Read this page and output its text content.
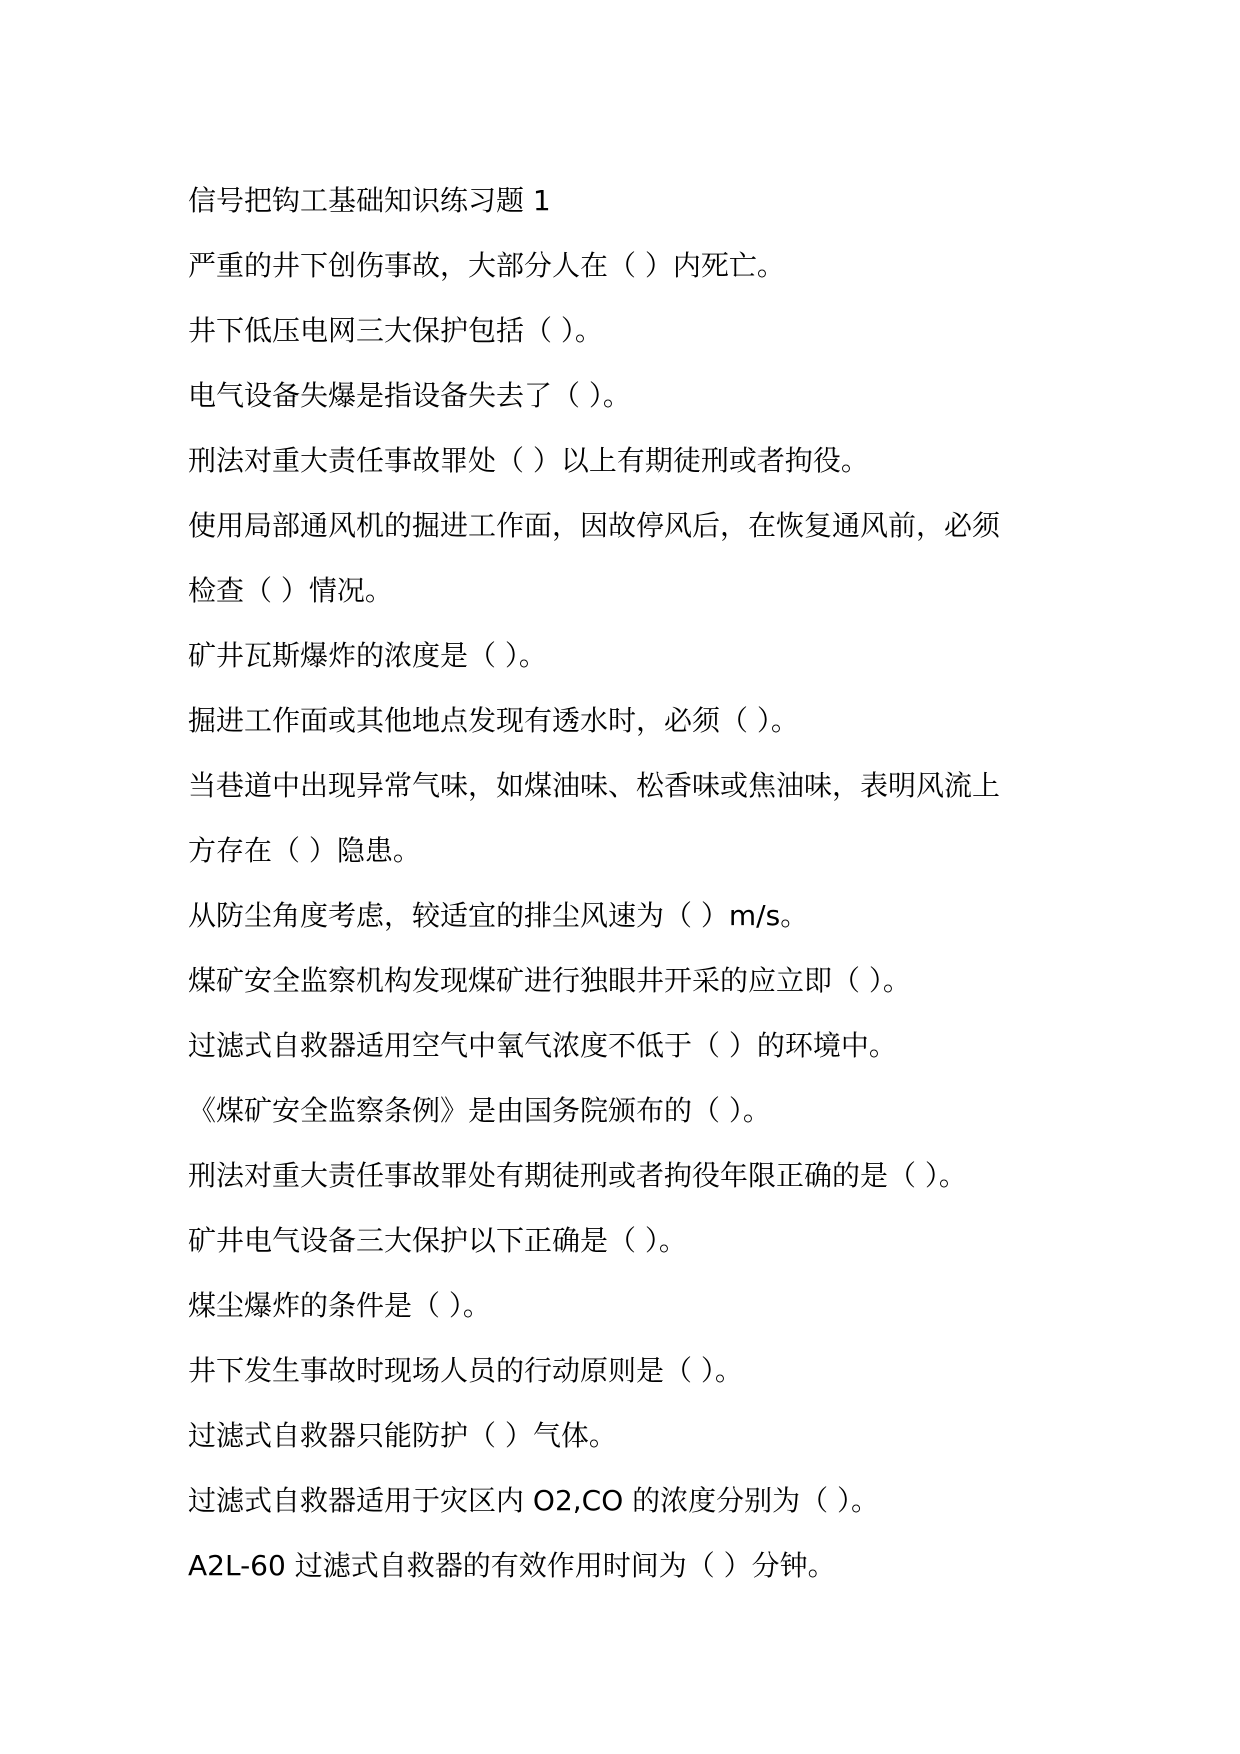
信号把钩工基础知识练习题 1

严重的井下创伤事故，大部分人在（ ）内死亡。

井下低压电网三大保护包括（ ）。

电气设备失爆是指设备失去了（ ）。

刑法对重大责任事故罪处（ ）以上有期徒刑或者拘役。

使用局部通风机的掘进工作面，因故停风后，在恢复通风前，必须

检查（ ）情况。

矿井瓦斯爆炸的浓度是（ ）。

掘进工作面或其他地点发现有透水时，必须（ ）。

当巷道中出现异常气味，如煤油味、松香味或焦油味，表明风流上

方存在（ ）隐患。

从防尘角度考虑，较适宜的排尘风速为（ ）m/s。

煤矿安全监察机构发现煤矿进行独眼井开采的应立即（ ）。

过滤式自救器适用空气中氧气浓度不低于（ ）的环境中。

《煤矿安全监察条例》是由国务院颁布的（ ）。

刑法对重大责任事故罪处有期徒刑或者拘役年限正确的是（ ）。

矿井电气设备三大保护以下正确是（ ）。

煤尘爆炸的条件是（ ）。

井下发生事故时现场人员的行动原则是（ ）。

过滤式自救器只能防护（ ）气体。

过滤式自救器适用于灾区内 O2,CO 的浓度分别为（ ）。

A2L-60 过滤式自救器的有效作用时间为（ ）分钟。
